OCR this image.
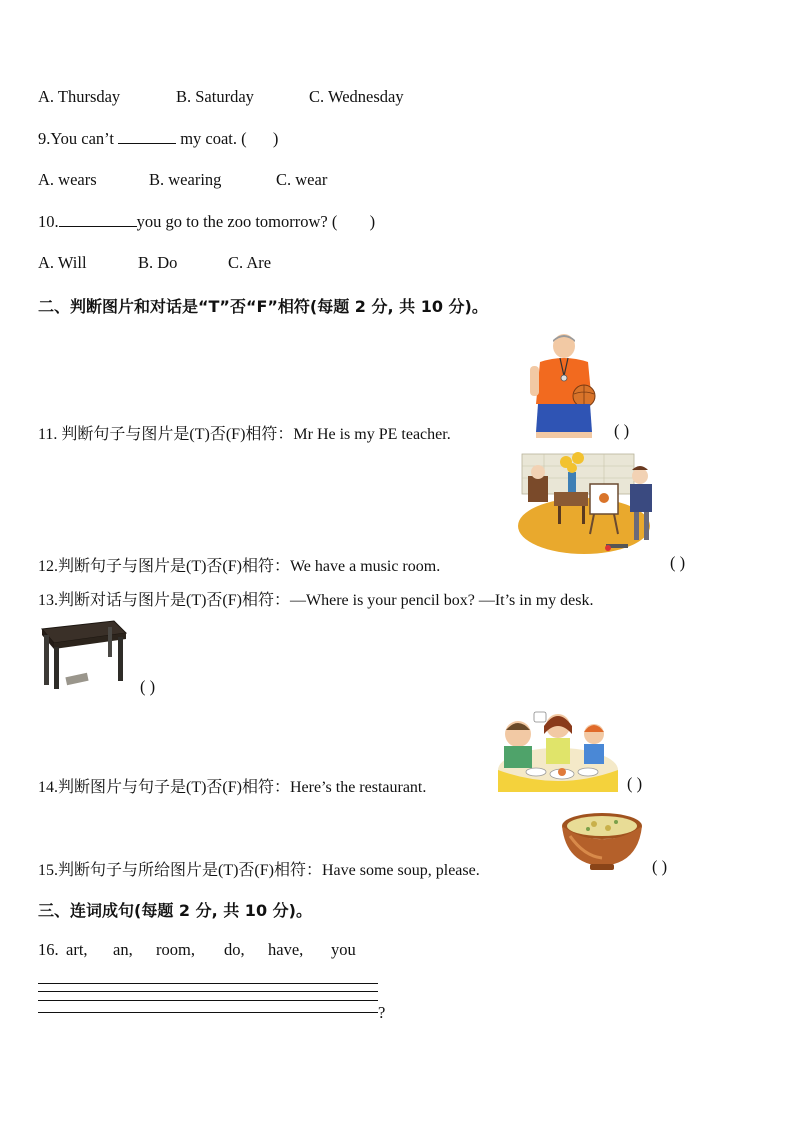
A. Thursday	B. Saturday	C. Wednesday
9.You can’t	my coat. ( )
A. wears	B. wearing	C. wear
10.	you go to the zoo tomorrow? ( )
A. Will	B. Do	C. Are
二、判断图片和对话是“T”否“F”相符(每题 2 分, 共 10 分)。
11. 判断句子与图片是(T)否(F)相符：Mr He is my PE teacher.	( )
12.判断句子与图片是(T)否(F)相符：We have a music room.	( )
13.判断对话与图片是(T)否(F)相符：—Where is your pencil box? —It’s in my desk.
( )
14.判断图片与句子是(T)否(F)相符：Here’s the restaurant.	( )
15.判断句子与所给图片是(T)否(F)相符：Have some soup, please.	( )
三、连词成句(每题 2 分, 共 10 分)。
16. art, an, room, do, have, you
?
